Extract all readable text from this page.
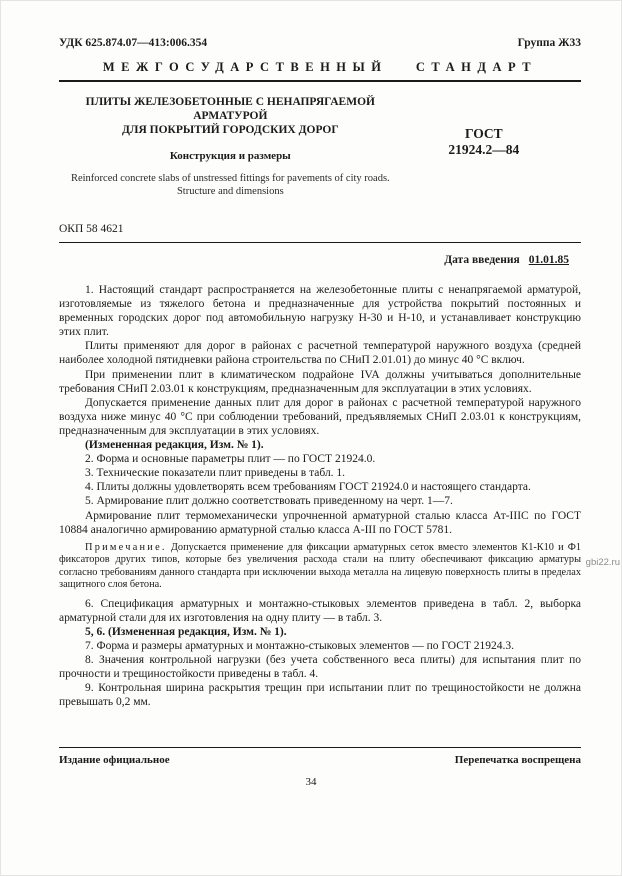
УДК 625.874.07—413:006.354	Группа Ж33
МЕЖГОСУДАРСТВЕННЫЙ СТАНДАРТ
ПЛИТЫ ЖЕЛЕЗОБЕТОННЫЕ С НЕНАПРЯГАЕМОЙ АРМАТУРОЙ
ДЛЯ ПОКРЫТИЙ ГОРОДСКИХ ДОРОГ
Конструкция и размеры
Reinforced concrete slabs of unstressed fittings for pavements of city roads.
Structure and dimensions
ГОСТ
21924.2—84
ОКП 58 4621
Дата введения 01.01.85

1. Настоящий стандарт распространяется на железобетонные плиты с ненапрягаемой арматурой, изготовляемые из тяжелого бетона и предназначенные для устройства покрытий постоянных и временных городских дорог под автомобильную нагрузку Н-30 и Н-10, и устанавливает конструкцию этих плит.

Плиты применяют для дорог в районах с расчетной температурой наружного воздуха (средней наиболее холодной пятидневки района строительства по СНиП 2.01.01) до минус 40 °С включ.

При применении плит в климатическом подрайоне IVA должны учитываться дополнительные требования СНиП 2.03.01 к конструкциям, предназначенным для эксплуатации в этих условиях.

Допускается применение данных плит для дорог в районах с расчетной температурой наружного воздуха ниже минус 40 °С при соблюдении требований, предъявляемых СНиП 2.03.01 к конструкциям, предназначенным для эксплуатации в этих условиях.

(Измененная редакция, Изм. № 1).

2. Форма и основные параметры плит — по ГОСТ 21924.0.

3. Технические показатели плит приведены в табл. 1.

4. Плиты должны удовлетворять всем требованиям ГОСТ 21924.0 и настоящего стандарта.

5. Армирование плит должно соответствовать приведенному на черт. 1—7.

Армирование плит термомеханически упрочненной арматурной сталью класса Ат-IIIС по ГОСТ 10884 аналогично армированию арматурной сталью класса А-III по ГОСТ 5781.

Примечание. Допускается применение для фиксации арматурных сеток вместо элементов К1-К10 и Ф1 фиксаторов других типов, которые без увеличения расхода стали на плиту обеспечивают фиксацию арматуры согласно требованиям данного стандарта при исключении выхода металла на лицевую поверхность плиты в пределах защитного слоя бетона.

6. Спецификация арматурных и монтажно-стыковых элементов приведена в табл. 2, выборка арматурной стали для их изготовления на одну плиту — в табл. 3.

5, 6. (Измененная редакция, Изм. № 1).

7. Форма и размеры арматурных и монтажно-стыковых элементов — по ГОСТ 21924.3.

8. Значения контрольной нагрузки (без учета собственного веса плиты) для испытания плит по прочности и трещиностойкости приведены в табл. 4.

9. Контрольная ширина раскрытия трещин при испытании плит по трещиностойкости не должна превышать 0,2 мм.

Издание официальное	Перепечатка воспрещена
34
gbi22.ru
